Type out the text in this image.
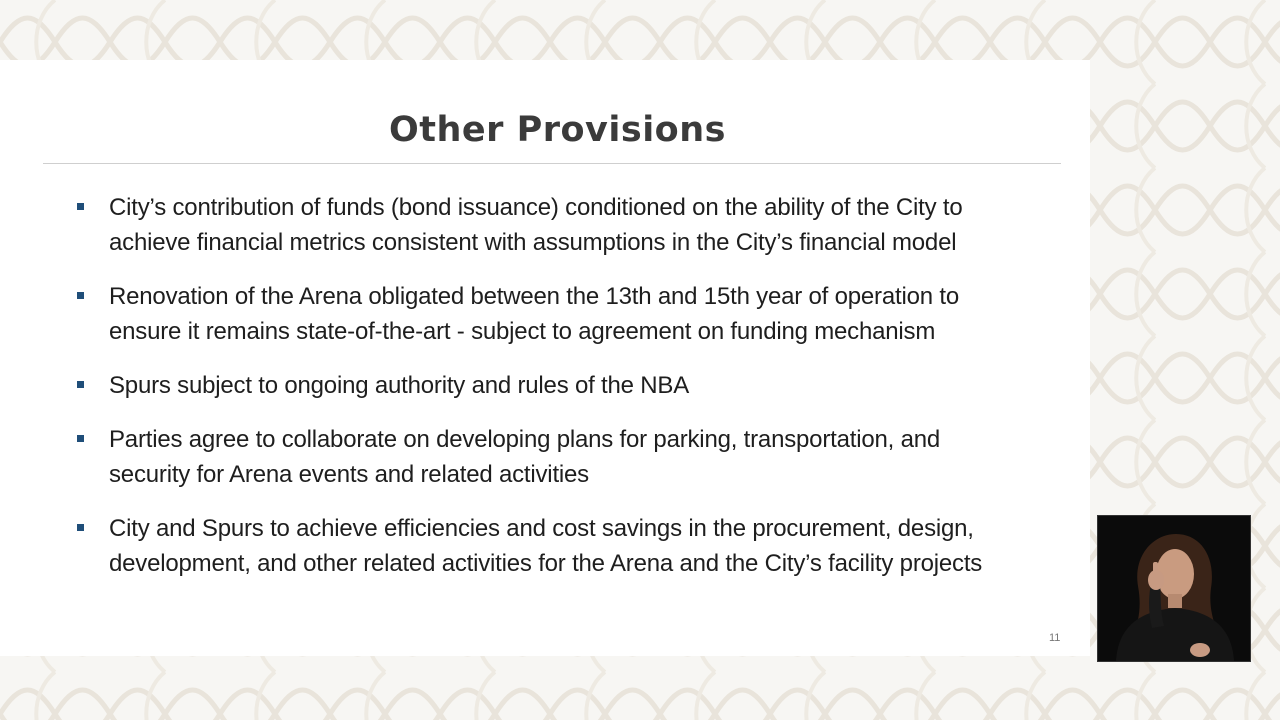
Other Provisions
City’s contribution of funds (bond issuance) conditioned on the ability of the City to
achieve financial metrics consistent with assumptions in the City’s financial model
Renovation of the Arena obligated between the 13th and 15th year of operation to
ensure it remains state-of-the-art - subject to agreement on funding mechanism
Spurs subject to ongoing authority and rules of the NBA
Parties agree to collaborate on developing plans for parking, transportation, and
security for Arena events and related activities
City and Spurs to achieve efficiencies and cost savings in the procurement, design,
development, and other related activities for the Arena and the City’s facility projects
11
